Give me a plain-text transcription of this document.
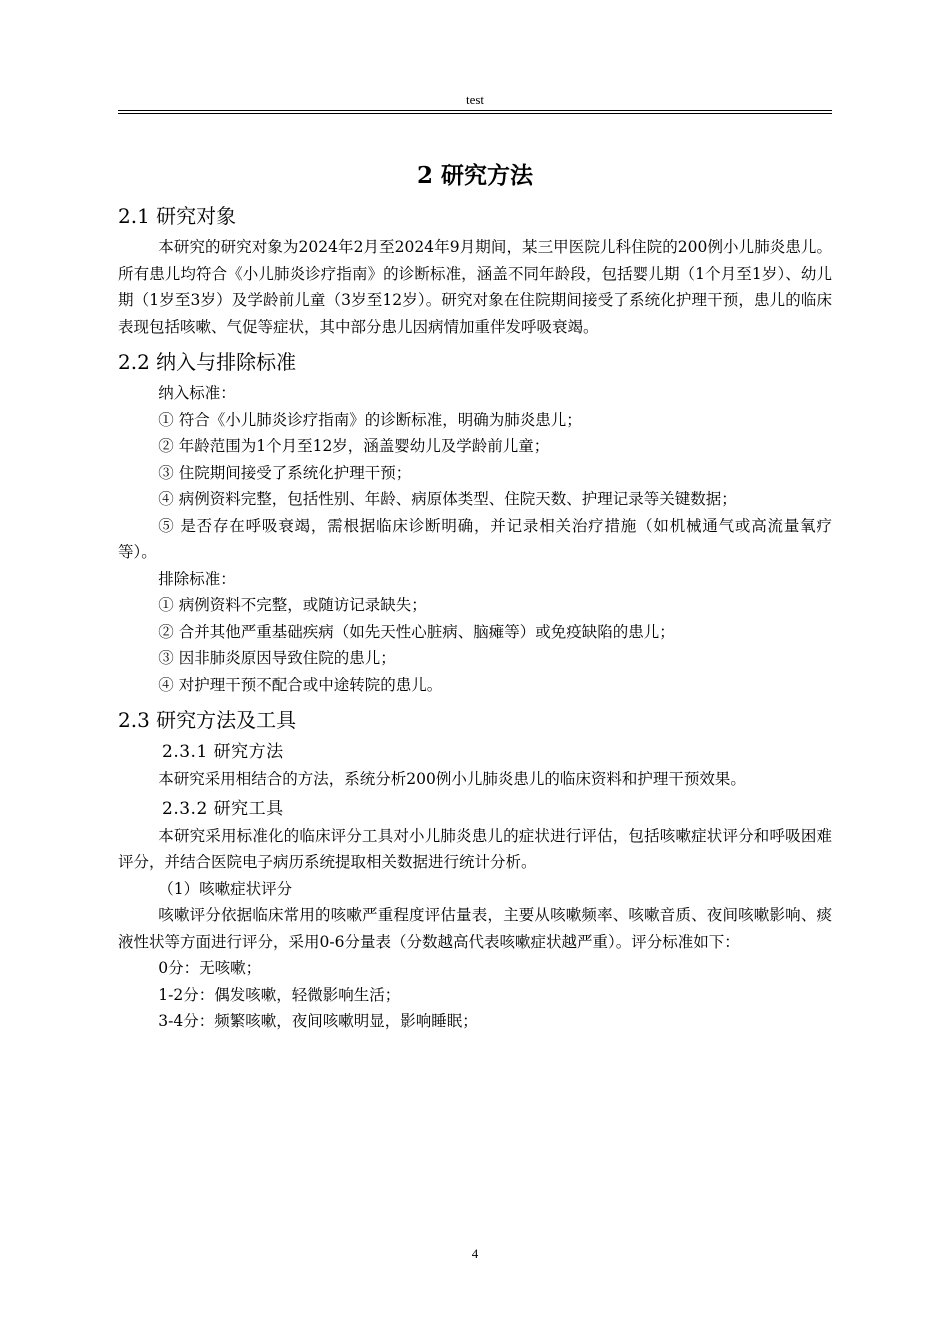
test
2 研究方法
2.1 研究对象

本研究的研究对象为2024年2月至2024年9月期间，某三甲医院儿科住院的200例小儿肺炎患儿。所有患儿均符合《小儿肺炎诊疗指南》的诊断标准，涵盖不同年龄段，包括婴儿期（1个月至1岁）、幼儿期（1岁至3岁）及学龄前儿童（3岁至12岁）。研究对象在住院期间接受了系统化护理干预，患儿的临床表现包括咳嗽、气促等症状，其中部分患儿因病情加重伴发呼吸衰竭。

2.2 纳入与排除标准
纳入标准：
① 符合《小儿肺炎诊疗指南》的诊断标准，明确为肺炎患儿；
② 年龄范围为1个月至12岁，涵盖婴幼儿及学龄前儿童；
③ 住院期间接受了系统化护理干预；
④ 病例资料完整，包括性别、年龄、病原体类型、住院天数、护理记录等关键数据；
⑤ 是否存在呼吸衰竭，需根据临床诊断明确，并记录相关治疗措施（如机械通气或高流量氧疗等）。
排除标准：
① 病例资料不完整，或随访记录缺失；
② 合并其他严重基础疾病（如先天性心脏病、脑瘫等）或免疫缺陷的患儿；
③ 因非肺炎原因导致住院的患儿；
④ 对护理干预不配合或中途转院的患儿。
2.3 研究方法及工具
2.3.1 研究方法

本研究采用相结合的方法，系统分析200例小儿肺炎患儿的临床资料和护理干预效果。

2.3.2 研究工具

本研究采用标准化的临床评分工具对小儿肺炎患儿的症状进行评估，包括咳嗽症状评分和呼吸困难评分，并结合医院电子病历系统提取相关数据进行统计分析。

（1）咳嗽症状评分

咳嗽评分依据临床常用的咳嗽严重程度评估量表，主要从咳嗽频率、咳嗽音质、夜间咳嗽影响、痰液性状等方面进行评分，采用0-6分量表（分数越高代表咳嗽症状越严重）。评分标准如下：

0分：无咳嗽；
1-2分：偶发咳嗽，轻微影响生活；
3-4分：频繁咳嗽，夜间咳嗽明显，影响睡眠；
4
